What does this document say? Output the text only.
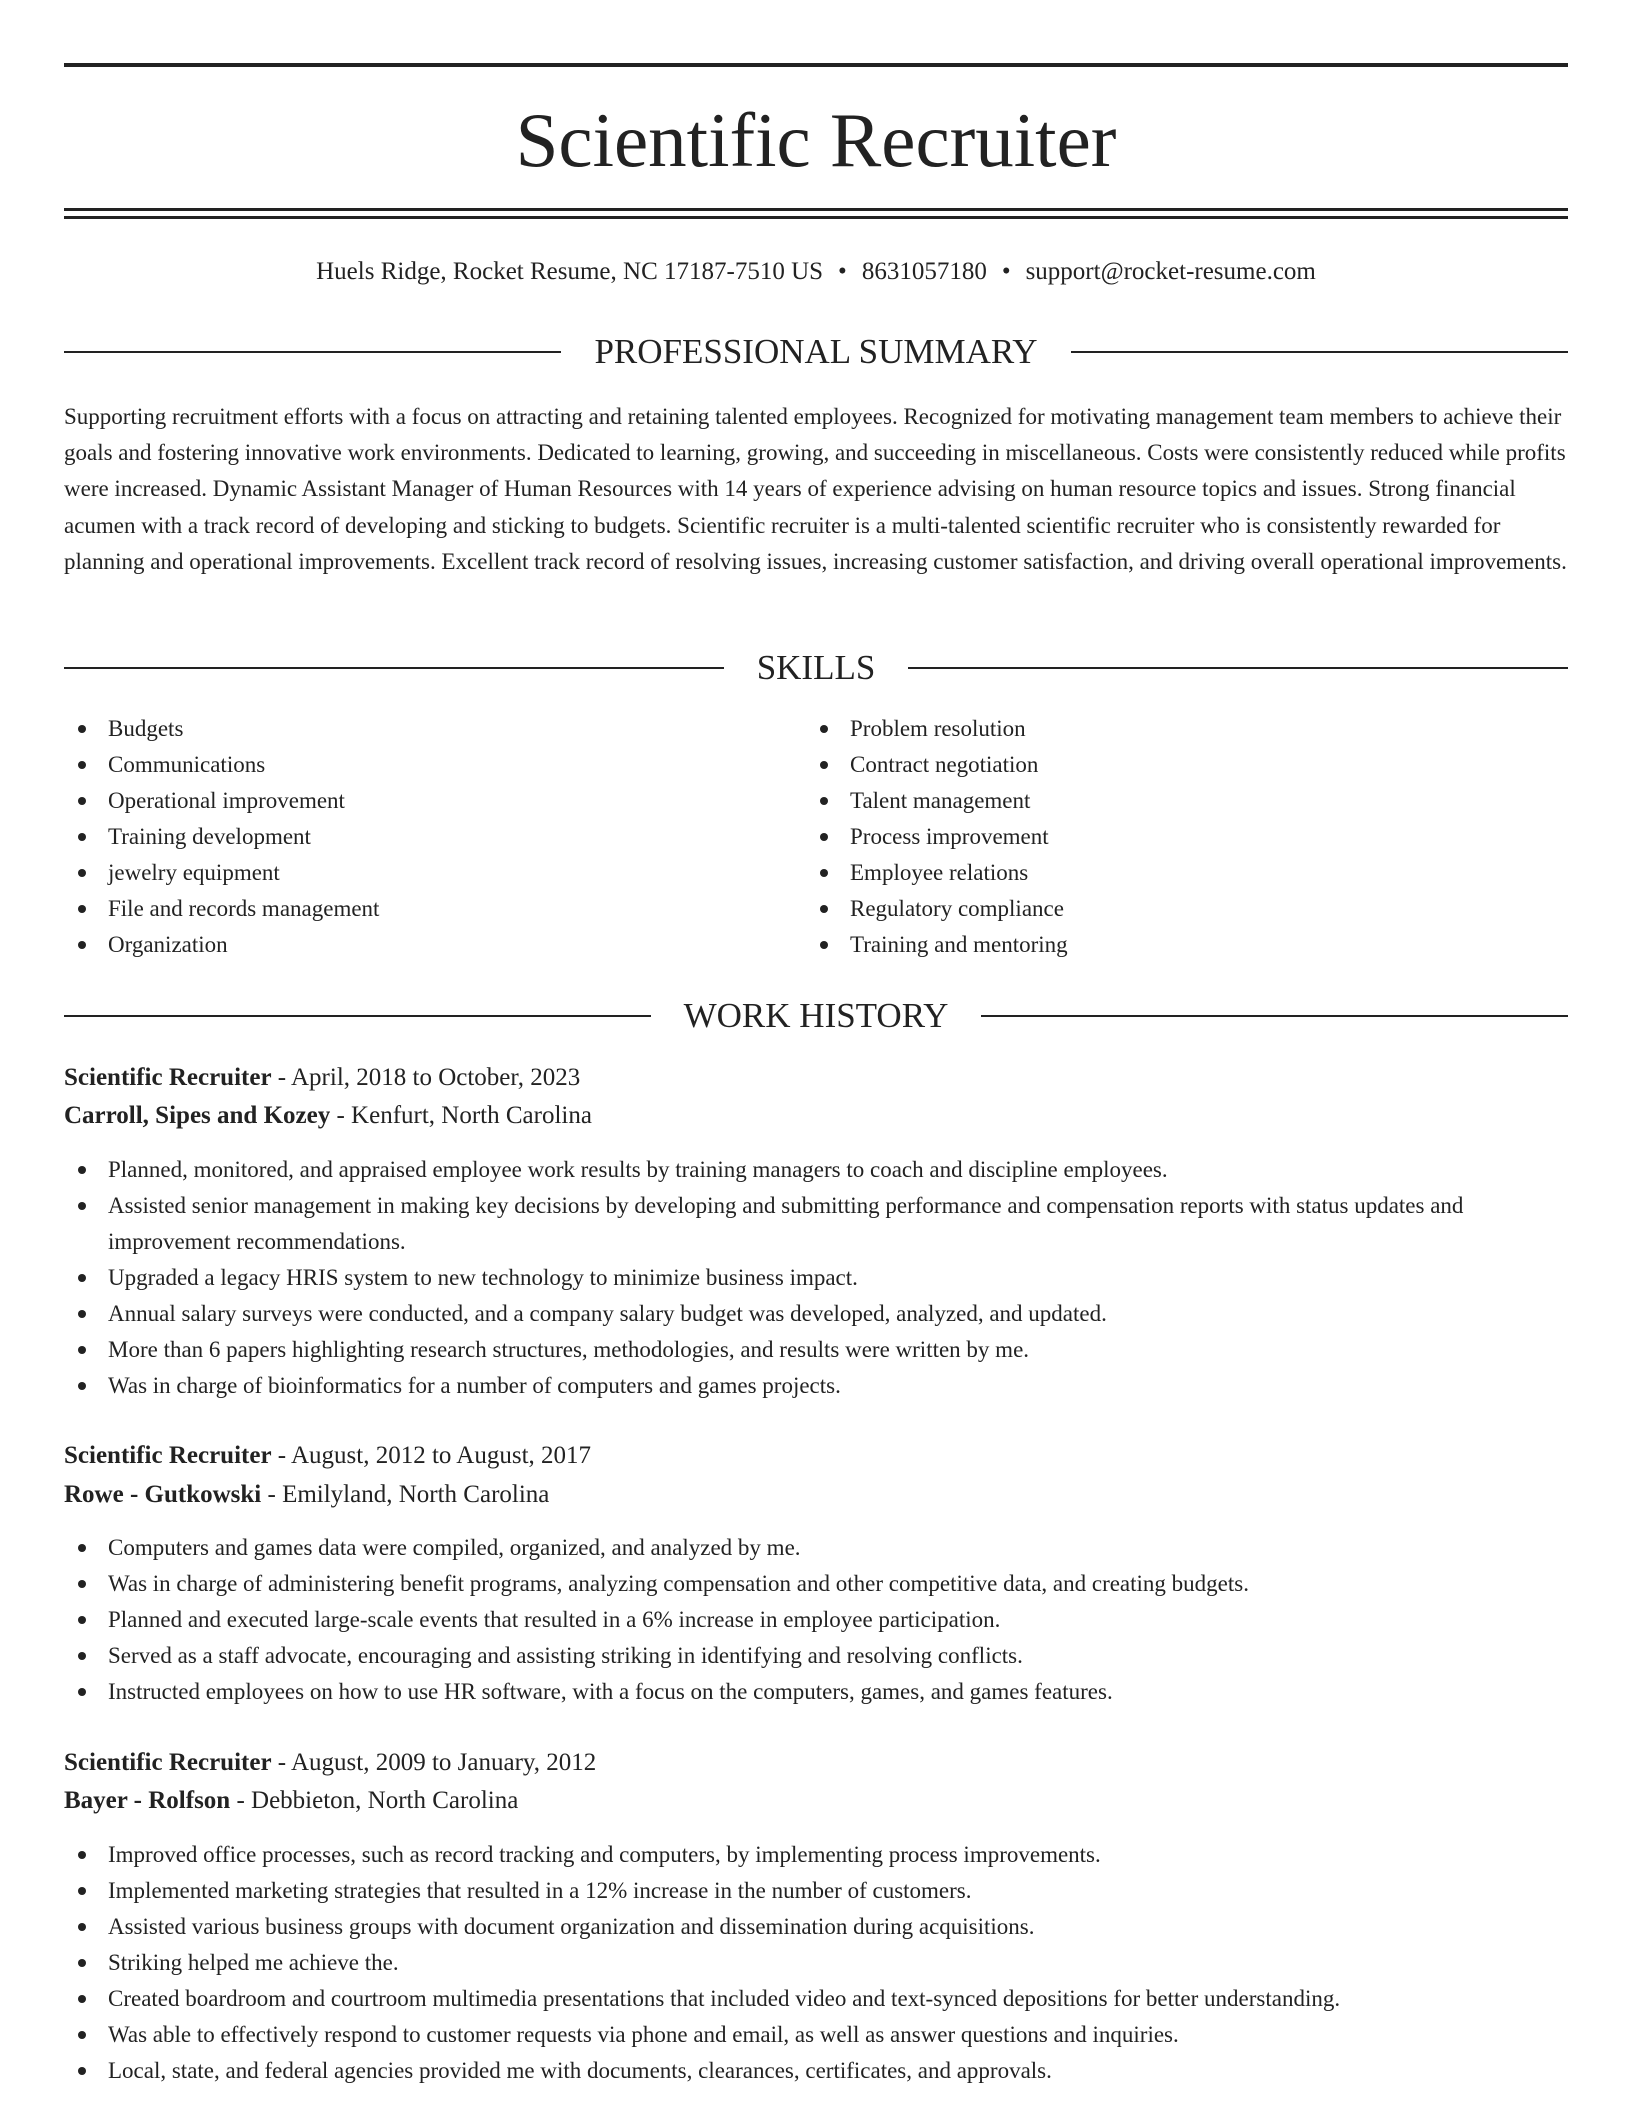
Scientific Recruiter
Huels Ridge, Rocket Resume, NC 17187-7510 US • 8631057180 • support@rocket-resume.com
PROFESSIONAL SUMMARY

Supporting recruitment efforts with a focus on attracting and retaining talented employees. Recognized for motivating management team members to achieve their goals and fostering innovative work environments. Dedicated to learning, growing, and succeeding in miscellaneous. Costs were consistently reduced while profits were increased. Dynamic Assistant Manager of Human Resources with 14 years of experience advising on human resource topics and issues. Strong financial acumen with a track record of developing and sticking to budgets. Scientific recruiter is a multi-talented scientific recruiter who is consistently rewarded for planning and operational improvements. Excellent track record of resolving issues, increasing customer satisfaction, and driving overall operational improvements.

SKILLS
Budgets
Communications
Operational improvement
Training development
jewelry equipment
File and records management
Organization
Problem resolution
Contract negotiation
Talent management
Process improvement
Employee relations
Regulatory compliance
Training and mentoring
WORK HISTORY
Scientific Recruiter - April, 2018 to October, 2023
Carroll, Sipes and Kozey - Kenfurt, North Carolina
Planned, monitored, and appraised employee work results by training managers to coach and discipline employees.
Assisted senior management in making key decisions by developing and submitting performance and compensation reports with status updates and improvement recommendations.
Upgraded a legacy HRIS system to new technology to minimize business impact.
Annual salary surveys were conducted, and a company salary budget was developed, analyzed, and updated.
More than 6 papers highlighting research structures, methodologies, and results were written by me.
Was in charge of bioinformatics for a number of computers and games projects.
Scientific Recruiter - August, 2012 to August, 2017
Rowe - Gutkowski - Emilyland, North Carolina
Computers and games data were compiled, organized, and analyzed by me.
Was in charge of administering benefit programs, analyzing compensation and other competitive data, and creating budgets.
Planned and executed large-scale events that resulted in a 6% increase in employee participation.
Served as a staff advocate, encouraging and assisting striking in identifying and resolving conflicts.
Instructed employees on how to use HR software, with a focus on the computers, games, and games features.
Scientific Recruiter - August, 2009 to January, 2012
Bayer - Rolfson - Debbieton, North Carolina
Improved office processes, such as record tracking and computers, by implementing process improvements.
Implemented marketing strategies that resulted in a 12% increase in the number of customers.
Assisted various business groups with document organization and dissemination during acquisitions.
Striking helped me achieve the.
Created boardroom and courtroom multimedia presentations that included video and text-synced depositions for better understanding.
Was able to effectively respond to customer requests via phone and email, as well as answer questions and inquiries.
Local, state, and federal agencies provided me with documents, clearances, certificates, and approvals.
